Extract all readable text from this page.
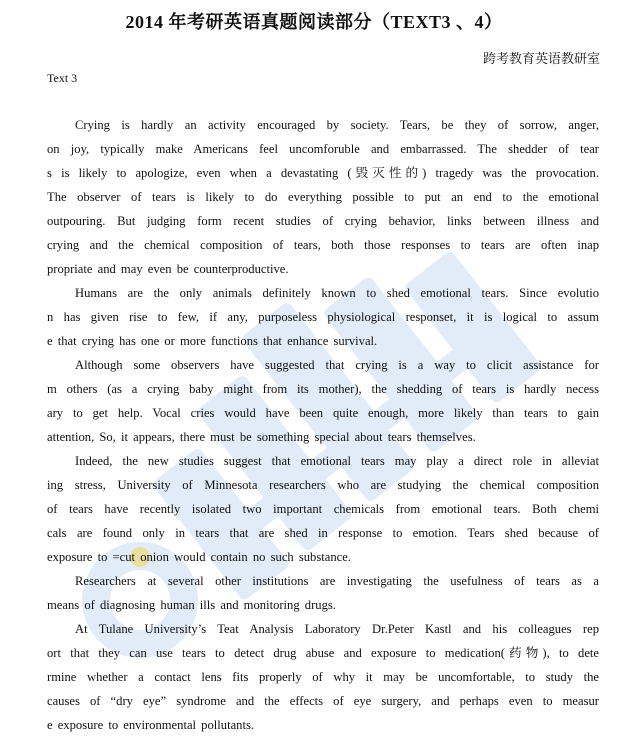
2014 年考研英语真题阅读部分（TEXT3 、4）
跨考教育英语教研室
Text 3
Crying is hardly an activity encouraged by society. Tears, be they of sorrow, anger,
on joy, typically make Americans feel uncomforuble and embarrassed. The shedder of tear
s is likely to apologize, even when a devastating (毁灭性的) tragedy was the provocation.
The observer of tears is likely to do everything possible to put an end to the emotional
outpouring. But judging form recent studies of crying behavior, links between illness and
crying and the chemical composition of tears, both those responses to tears are often inap
propriate and may even be counterproductive.
Humans are the only animals definitely known to shed emotional tears. Since evolutio
n has given rise to few, if any, purposeless physiological responset, it is logical to assum
e that crying has one or more functions that enhance survival.
Although some observers have suggested that crying is a way to clicit assistance for
m others (as a crying baby might from its mother), the shedding of tears is hardly necess
ary to get help. Vocal cries would have been quite enough, more likely than tears to gain
attention, So, it appears, there must be something special about tears themselves.
Indeed, the new studies suggest that emotional tears may play a direct role in alleviat
ing stress, University of Minnesota researchers who are studying the chemical composition
of tears have recently isolated two important chemicals from emotional tears. Both chemi
cals are found only in tears that are shed in response to emotion. Tears shed because of
exposure to =cut onion would contain no such substance.
Researchers at several other institutions are investigating the usefulness of tears as a
means of diagnosing human ills and monitoring drugs.
At Tulane University’s Teat Analysis Laboratory Dr.Peter Kastl and his colleagues rep
ort that they can use tears to detect drug abuse and exposure to medication(药物), to dete
rmine whether a contact lens fits properly of why it may be uncomfortable, to study the
causes of “dry eye” syndrome and the effects of eye surgery, and perhaps even to measur
e exposure to environmental pollutants.
